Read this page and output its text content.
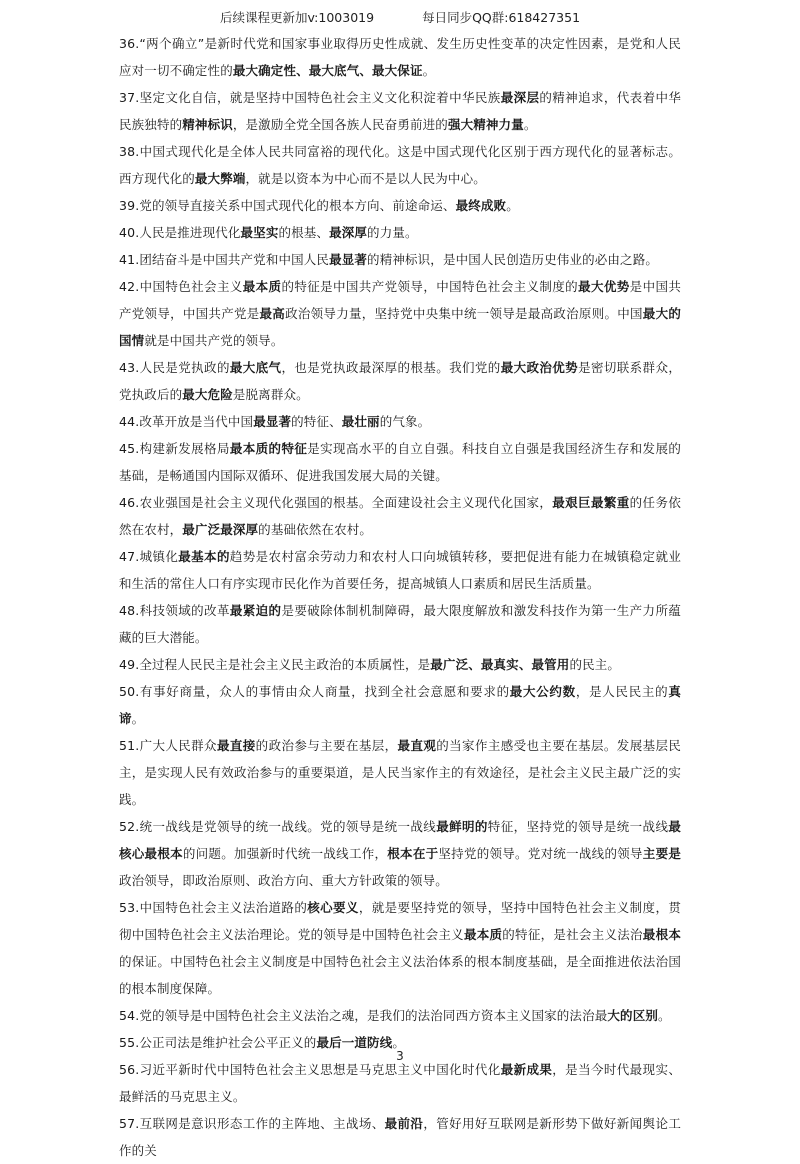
后续课程更新加v:1003019	每日同步QQ群:618427351

36.“两个确立”是新时代党和国家事业取得历史性成就、发生历史性变革的决定性因素，是党和人民应对一切不确定性的最大确定性、最大底气、最大保证。

37.坚定文化自信，就是坚持中国特色社会主义文化积淀着中华民族最深层的精神追求，代表着中华民族独特的精神标识，是激励全党全国各族人民奋勇前进的强大精神力量。

38.中国式现代化是全体人民共同富裕的现代化。这是中国式现代化区别于西方现代化的显著标志。西方现代化的最大弊端，就是以资本为中心而不是以人民为中心。

39.党的领导直接关系中国式现代化的根本方向、前途命运、最终成败。

40.人民是推进现代化最坚实的根基、最深厚的力量。

41.团结奋斗是中国共产党和中国人民最显著的精神标识，是中国人民创造历史伟业的必由之路。

42.中国特色社会主义最本质的特征是中国共产党领导，中国特色社会主义制度的最大优势是中国共产党领导，中国共产党是最高政治领导力量，坚持党中央集中统一领导是最高政治原则。中国最大的国情就是中国共产党的领导。

43.人民是党执政的最大底气，也是党执政最深厚的根基。我们党的最大政治优势是密切联系群众，党执政后的最大危险是脱离群众。

44.改革开放是当代中国最显著的特征、最壮丽的气象。

45.构建新发展格局最本质的特征是实现高水平的自立自强。科技自立自强是我国经济生存和发展的基础，是畅通国内国际双循环、促进我国发展大局的关键。

46.农业强国是社会主义现代化强国的根基。全面建设社会主义现代化国家，最艰巨最繁重的任务依然在农村，最广泛最深厚的基础依然在农村。

47.城镇化最基本的趋势是农村富余劳动力和农村人口向城镇转移，要把促进有能力在城镇稳定就业和生活的常住人口有序实现市民化作为首要任务，提高城镇人口素质和居民生活质量。

48.科技领域的改革最紧迫的是要破除体制机制障碍，最大限度解放和激发科技作为第一生产力所蕴藏的巨大潜能。

49.全过程人民民主是社会主义民主政治的本质属性，是最广泛、最真实、最管用的民主。

50.有事好商量，众人的事情由众人商量，找到全社会意愿和要求的最大公约数，是人民民主的真谛。

51.广大人民群众最直接的政治参与主要在基层，最直观的当家作主感受也主要在基层。发展基层民主，是实现人民有效政治参与的重要渠道，是人民当家作主的有效途径，是社会主义民主最广泛的实践。

52.统一战线是党领导的统一战线。党的领导是统一战线最鲜明的特征，坚持党的领导是统一战线最核心最根本的问题。加强新时代统一战线工作，根本在于坚持党的领导。党对统一战线的领导主要是政治领导，即政治原则、政治方向、重大方针政策的领导。

53.中国特色社会主义法治道路的核心要义，就是要坚持党的领导，坚持中国特色社会主义制度，贯彻中国特色社会主义法治理论。党的领导是中国特色社会主义最本质的特征，是社会主义法治最根本的保证。中国特色社会主义制度是中国特色社会主义法治体系的根本制度基础，是全面推进依法治国的根本制度保障。

54.党的领导是中国特色社会主义法治之魂，是我们的法治同西方资本主义国家的法治最大的区别。

55.公正司法是维护社会公平正义的最后一道防线。

56.习近平新时代中国特色社会主义思想是马克思主义中国化时代化最新成果，是当今时代最现实、最鲜活的马克思主义。

57.互联网是意识形态工作的主阵地、主战场、最前沿，管好用好互联网是新形势下做好新闻舆论工作的关

3
